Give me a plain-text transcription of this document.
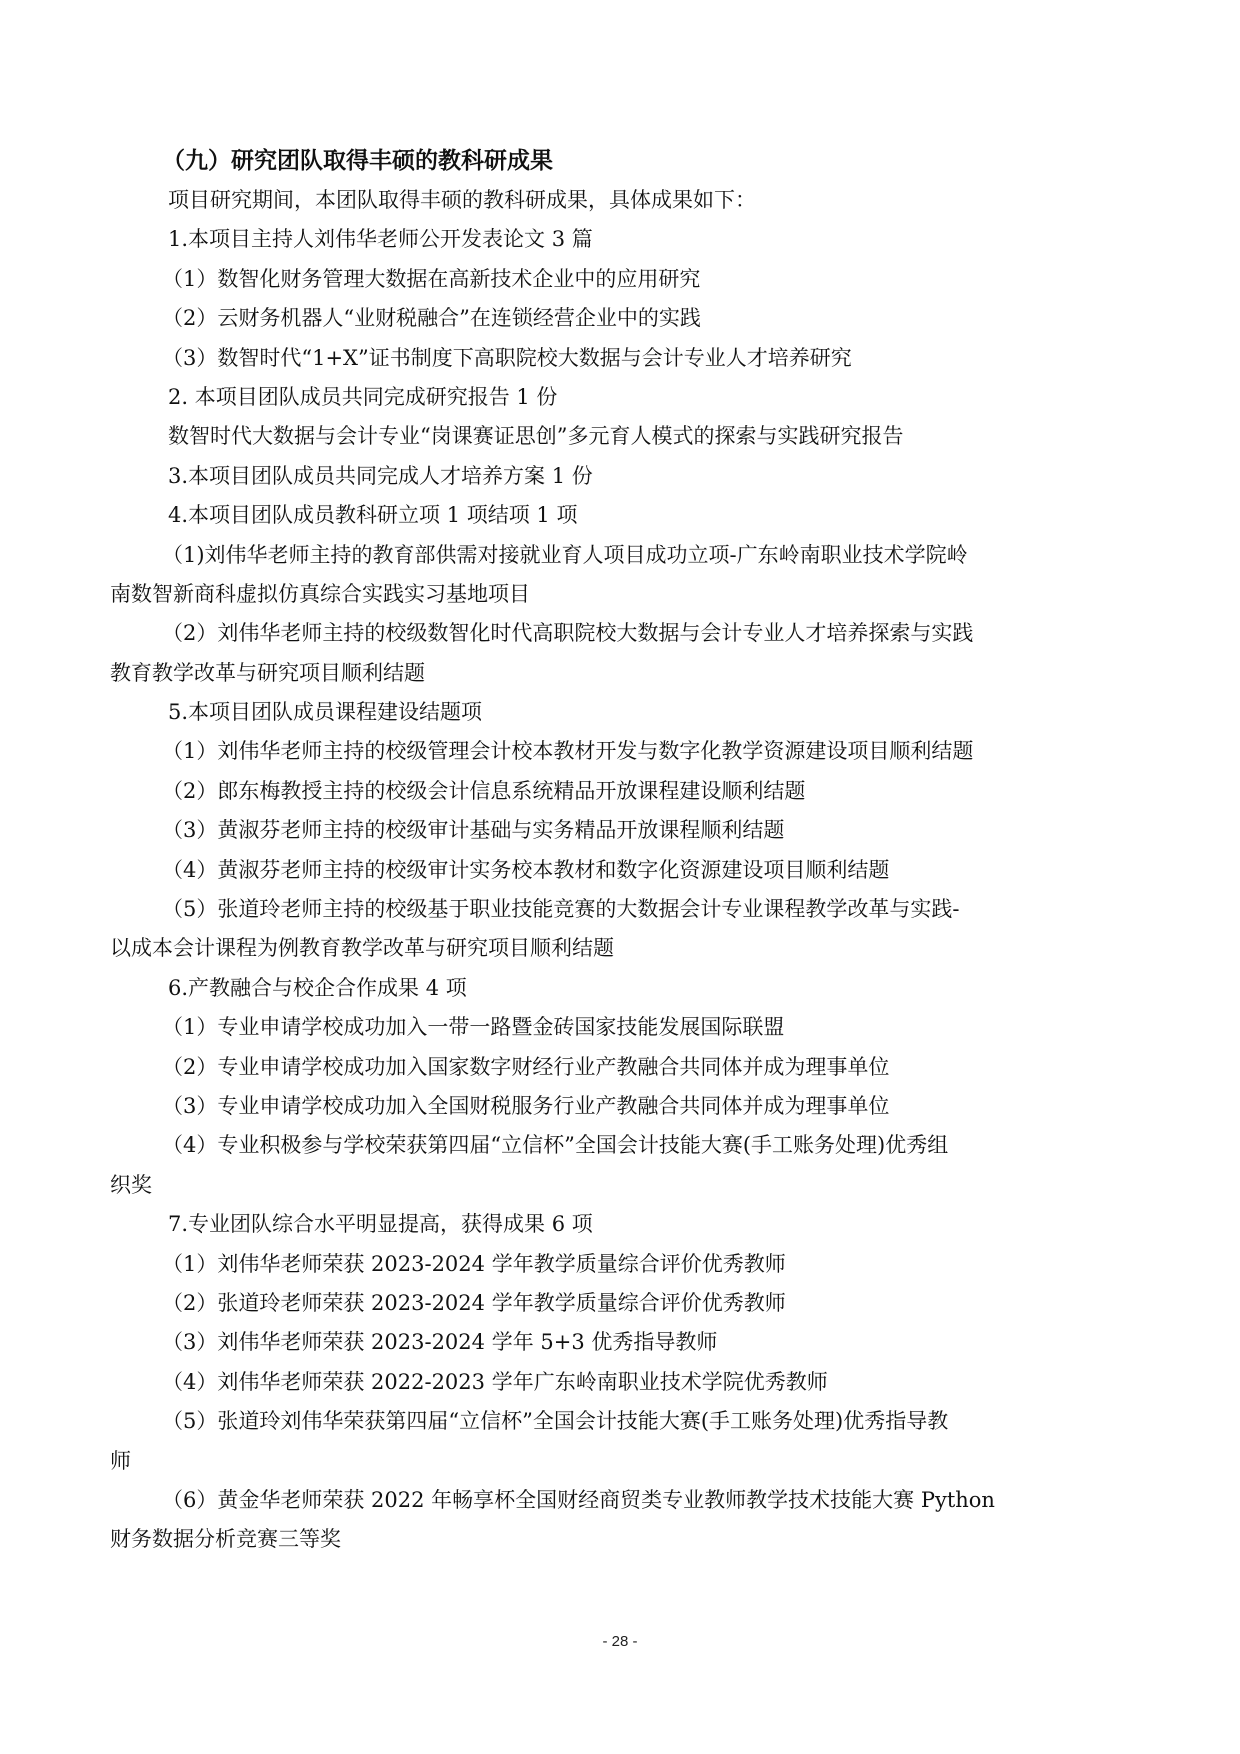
（九）研究团队取得丰硕的教科研成果

项目研究期间，本团队取得丰硕的教科研成果，具体成果如下：

1.本项目主持人刘伟华老师公开发表论文 3 篇

（1）数智化财务管理大数据在高新技术企业中的应用研究

（2）云财务机器人“业财税融合”在连锁经营企业中的实践

（3）数智时代“1+X”证书制度下高职院校大数据与会计专业人才培养研究

2. 本项目团队成员共同完成研究报告 1 份

数智时代大数据与会计专业“岗课赛证思创”多元育人模式的探索与实践研究报告

3.本项目团队成员共同完成人才培养方案 1 份

4.本项目团队成员教科研立项 1 项结项 1 项

（1)刘伟华老师主持的教育部供需对接就业育人项目成功立项-广东岭南职业技术学院岭

南数智新商科虚拟仿真综合实践实习基地项目

（2）刘伟华老师主持的校级数智化时代高职院校大数据与会计专业人才培养探索与实践

教育教学改革与研究项目顺利结题

5.本项目团队成员课程建设结题项

（1）刘伟华老师主持的校级管理会计校本教材开发与数字化教学资源建设项目顺利结题

（2）郎东梅教授主持的校级会计信息系统精品开放课程建设顺利结题

（3）黄淑芬老师主持的校级审计基础与实务精品开放课程顺利结题

（4）黄淑芬老师主持的校级审计实务校本教材和数字化资源建设项目顺利结题

（5）张道玲老师主持的校级基于职业技能竞赛的大数据会计专业课程教学改革与实践-

以成本会计课程为例教育教学改革与研究项目顺利结题

6.产教融合与校企合作成果 4 项

（1）专业申请学校成功加入一带一路暨金砖国家技能发展国际联盟

（2）专业申请学校成功加入国家数字财经行业产教融合共同体并成为理事单位

（3）专业申请学校成功加入全国财税服务行业产教融合共同体并成为理事单位

（4）专业积极参与学校荣获第四届“立信杯”全国会计技能大赛(手工账务处理)优秀组

织奖

7.专业团队综合水平明显提高，获得成果 6 项

（1）刘伟华老师荣获 2023-2024 学年教学质量综合评价优秀教师

（2）张道玲老师荣获 2023-2024 学年教学质量综合评价优秀教师

（3）刘伟华老师荣获 2023-2024 学年 5+3 优秀指导教师

（4）刘伟华老师荣获 2022-2023 学年广东岭南职业技术学院优秀教师

（5）张道玲刘伟华荣获第四届“立信杯”全国会计技能大赛(手工账务处理)优秀指导教

师

（6）黄金华老师荣获 2022 年畅享杯全国财经商贸类专业教师教学技术技能大赛 Python

财务数据分析竞赛三等奖

- 28 -
